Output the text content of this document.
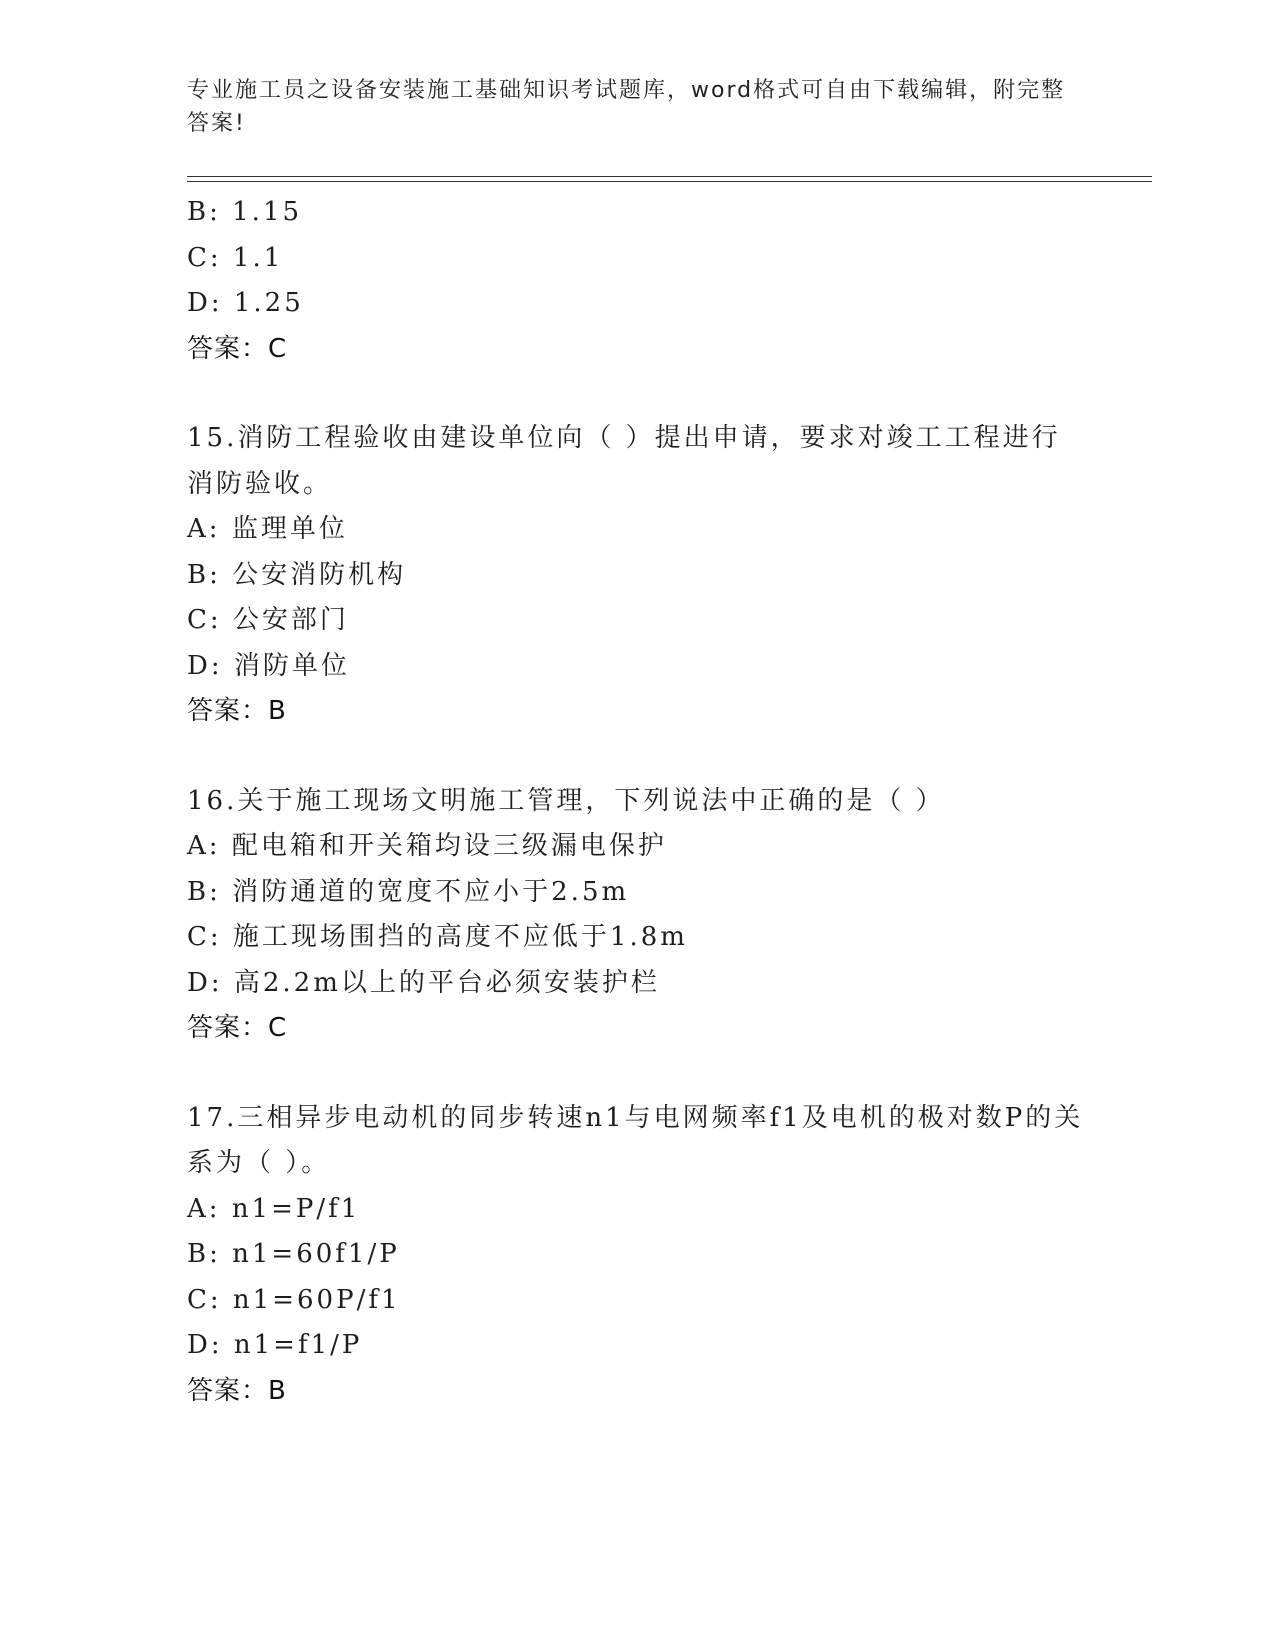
专业施工员之设备安装施工基础知识考试题库，word格式可自由下载编辑，附完整答案!
B: 1.15
C: 1.1
D: 1.25
答案：C
15.消防工程验收由建设单位向（ ）提出申请，要求对竣工工程进行消防验收。
A: 监理单位
B: 公安消防机构
C: 公安部门
D: 消防单位
答案：B
16.关于施工现场文明施工管理，下列说法中正确的是（ ）
A: 配电箱和开关箱均设三级漏电保护
B: 消防通道的宽度不应小于2.5m
C: 施工现场围挡的高度不应低于1.8m
D: 高2.2m以上的平台必须安装护栏
答案：C
17.三相异步电动机的同步转速n1与电网频率f1及电机的极对数P的关系为（ ）。
A: n1=P/f1
B: n1=60f1/P
C: n1=60P/f1
D: n1=f1/P
答案：B
